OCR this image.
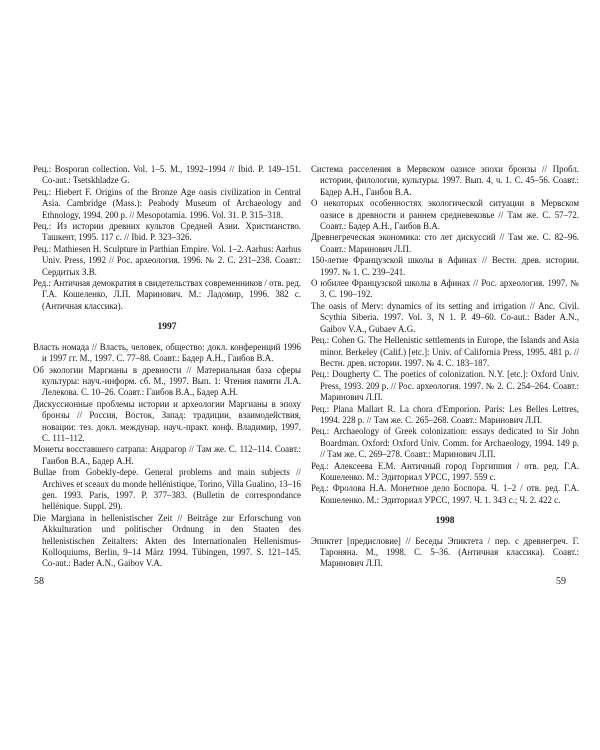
Рец.: Bosporan collection. Vol. 1–5. M., 1992–1994 // Ibid. P. 149–151. Co-aut.: Tsetskhladze G.

Рец.: Hiebert F. Origins of the Bronze Age oasis civilization in Central Asia. Cambridge (Mass.): Peabody Museum of Archaeology and Ethnology, 1994. 200 p. // Mesopotamia. 1996. Vol. 31. P. 315–318.

Рец.: Из истории древних культов Средней Азии. Христианство. Ташкент, 1995. 117 с. // Ibid. P. 323–326.

Рец.: Mathiesen H. Sculpture in Parthian Empire. Vol. 1–2. Aarhus: Aarhus Univ. Press, 1992 // Рос. археология. 1996. № 2. С. 231–238. Соавт.: Сердитых З.В.

Ред.: Античная демократия в свидетельствах современников / отв. ред. Г.А. Кошеленко, Л.П. Маринович. М.: Ладомир, 1996. 382 с. (Античная классика).

1997

Власть номада // Власть, человек, общество: докл. конференций 1996 и 1997 гг. М., 1997. С. 77–88. Соавт.: Бадер А.Н., Гаибов В.А.

Об экологии Маргианы в древности // Материальная база сферы культуры: науч.-информ. сб. М., 1997. Вып. 1: Чтения памяти Л.А. Лелекова. С. 10–26. Соавт.: Гаибов В.А., Бадер А.Н.

Дискуссионные проблемы истории и археологии Маргианы в эпоху бронзы // Россия, Восток, Запад: традиции, взаимодействия, новации: тез. докл. междунар. науч.-практ. конф. Владимир, 1997. С. 111–112.

Монеты восставшего сатрапа: Андрагор // Там же. С. 112–114. Соавт.: Гаибов В.А., Бадер А.Н.

Bullae from Gobekly-depe. General problems and main subjects // Archives et sceaux du monde hellénistique, Torino, Villa Gualino, 13–16 gen. 1993. Paris, 1997. P. 377–383. (Bulletin de correspondance hellénique. Suppl. 29).

Die Margiana in hellenistischer Zeit // Beiträge zur Erforschung von Akkulturation und politischer Ordnung in den Staaten des hellenistischen Zeitalters: Akten des Internationalen Hellenismus-Kolloquiums, Berlin, 9–14 März 1994. Tübingen, 1997. S. 121–145. Co-aut.: Bader A.N., Gaibov V.A.

58

Система расселения в Мервском оазисе эпохи бронзы // Пробл. истории, филологии, культуры. 1997. Вып. 4, ч. 1. С. 45–56. Соавт.: Бадер А.Н., Гаибов В.А.

О некоторых особенностях экологической ситуации в Мервском оазисе в древности и раннем средневековье // Там же. С. 57–72. Соавт.: Бадер А.Н., Гаибов В.А.

Древнегреческая экономика: сто лет дискуссий // Там же. С. 82–96. Соавт.: Маринович Л.П.

150-летие Французской школы в Афинах // Вестн. древ. истории. 1997. № 1. С. 239–241.

О юбилее Французской школы в Афинах // Рос. археология. 1997. № 3. С. 190–192.

The oasis of Merv: dynamics of its setting and irrigation // Anc. Civil. Scythia Siberia. 1997. Vol. 3, N 1. P. 49–60. Co-aut.: Bader A.N., Gaibov V.A., Gubaev A.G.

Рец.: Cohen G. The Hellenistic settlements in Europe, the Islands and Asia minor. Berkeley (Calif.) [etc.]: Univ. of California Press, 1995. 481 p. // Вестн. древ. истории. 1997. № 4. С. 183–187.

Рец.: Dougherty C. The poetics of colonization. N.Y. [etc.]: Oxford Univ. Press, 1993. 209 p. // Рос. археология. 1997. № 2. С. 254–264. Соавт.: Маринович Л.П.

Рец.: Plana Mallart R. La chora d'Emporion. Paris: Les Belles Lettres, 1994. 228 p. // Там же. С. 265–268. Соавт.: Маринович Л.П.

Рец.: Archaeology of Greek colonization: essays dedicated to Sir John Boardman. Oxford: Oxford Univ. Comm. for Archaeology, 1994. 149 p. // Там же. С. 269–278. Соавт.: Маринович Л.П.

Ред.: Алексеева Е.М. Античный город Горгиппия / отв. ред. Г.А. Кошеленко. М.: Эдиториал УРСС, 1997. 559 с.

Ред.: Фролова Н.А. Монетное дело Боспора. Ч. 1–2 / отв. ред. Г.А. Кошеленко. М.: Эдиториал УРСС, 1997. Ч. 1. 343 с.; Ч. 2. 422 с.

1998

Эпиктет [предисловие] // Беседы Эпиктета / пер. с древнегреч. Г. Тароняна. М., 1998. С. 5–36. (Античная классика). Соавт.: Маринович Л.П.

59
